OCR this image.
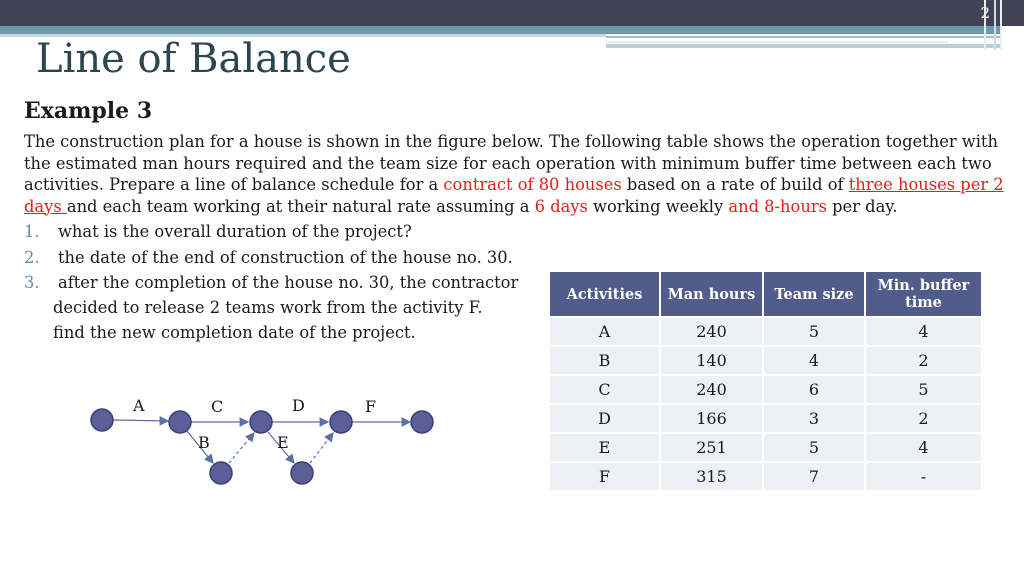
2
Line of Balance
Example 3

The construction plan for a house is shown in the figure below. The following table shows the operation together with the estimated man hours required and the team size for each operation with minimum buffer time between each two activities. Prepare a line of balance schedule for a contract of 80 houses based on a rate of build of three houses per 2 days and each team working at their natural rate assuming a 6 days working weekly and 8-hours per day.

1. what is the overall duration of the project?
2. the date of the end of construction of the house no. 30.
3. after the completion of the house no. 30, the contractor
decided to release 2 teams work from the activity F.
find the new completion date of the project.
Activities	Man hours	Team size	Min. buffer time
A	240	5	4
B	140	4	2
C	240	6	5
D	166	3	2
E	251	5	4
F	315	7	-
A	C	D	F
B	E
